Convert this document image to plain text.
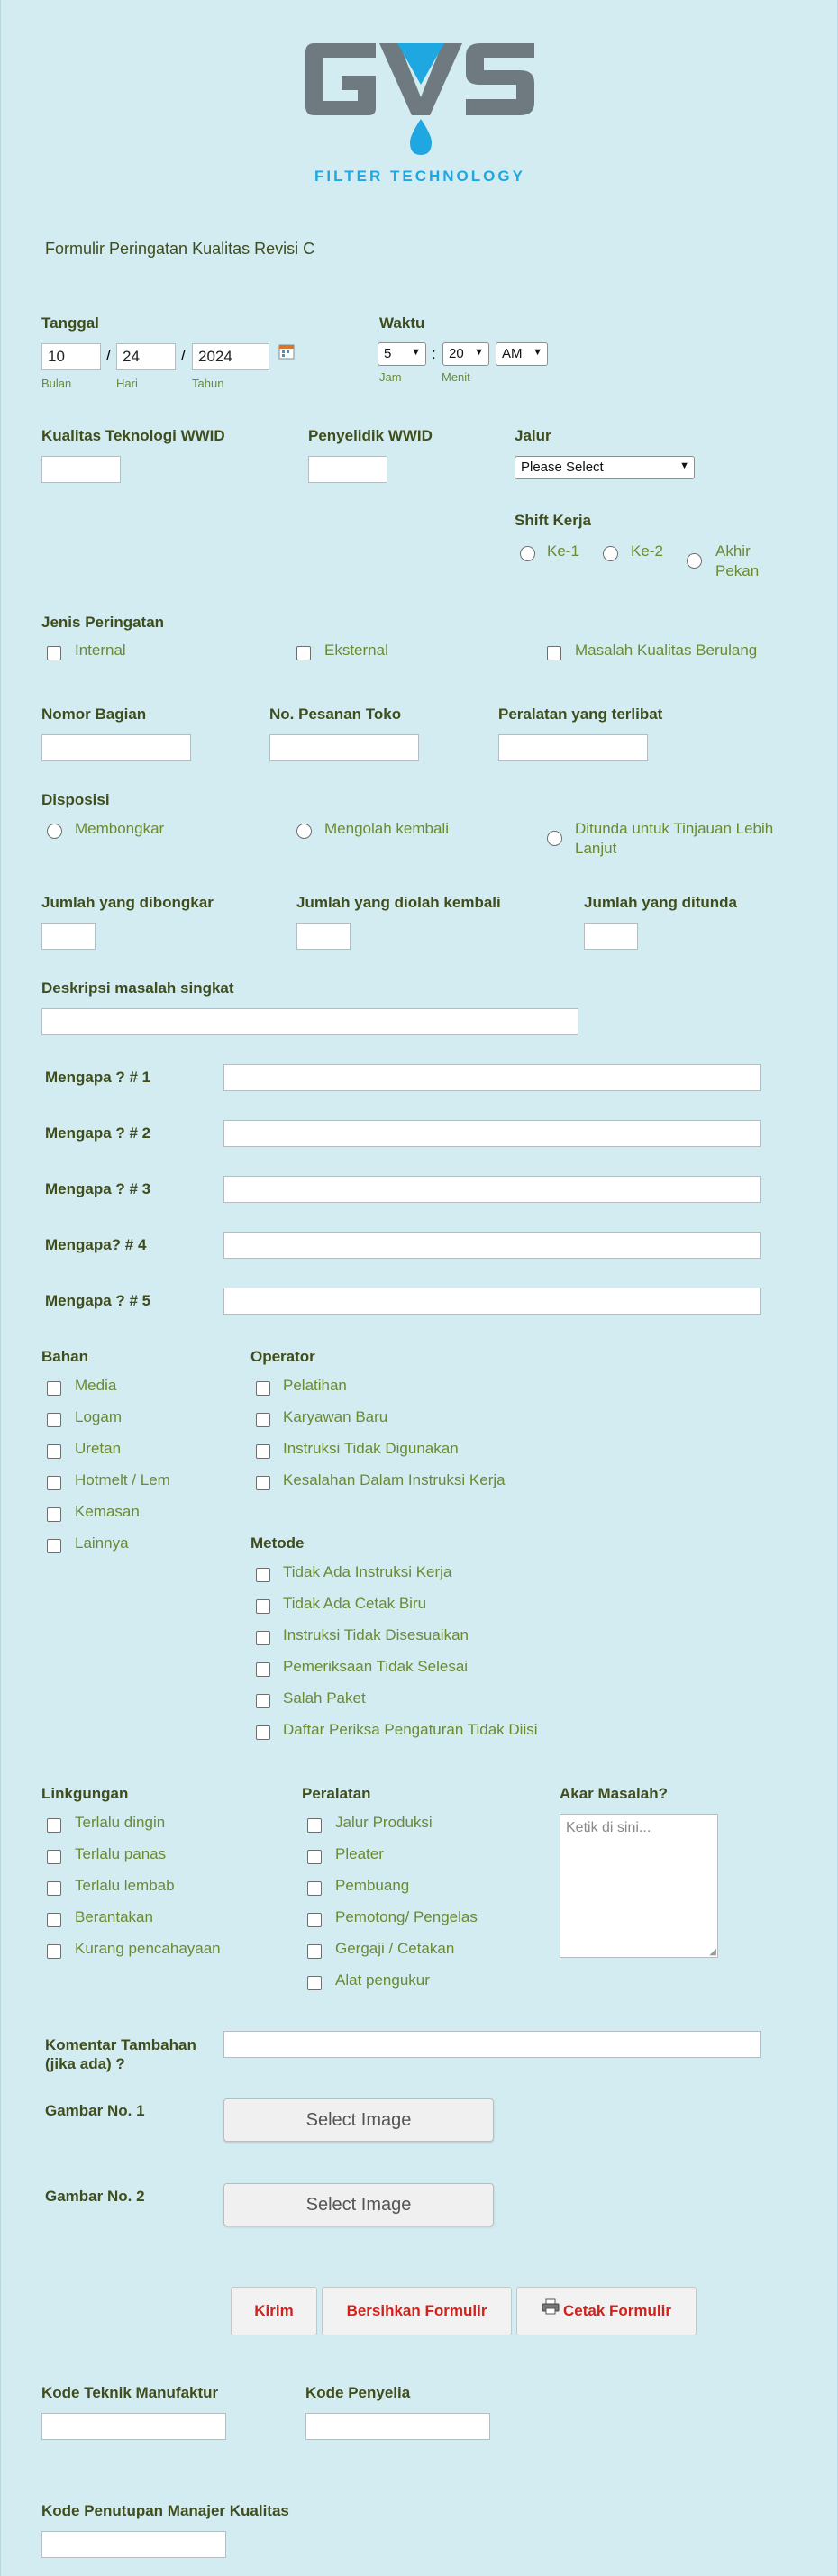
FILTER TECHNOLOGY
Formulir Peringatan Kualitas Revisi C
Tanggal
10	/ 24	/ 2024
Bulan	Hari	Tahun
Waktu
5 ▼ : 20 ▼	AM ▼
Jam	Menit
Kualitas Teknologi WWID	Penyelidik WWID	Jalur
Please Select	▼
Shift Kerja
Ke-1	Ke-2	Akhir Pekan
Jenis Peringatan
Internal	Eksternal	Masalah Kualitas Berulang
Nomor Bagian	No. Pesanan Toko	Peralatan yang terlibat
Disposisi
Membongkar	Mengolah kembali	Ditunda untuk Tinjauan Lebih Lanjut
Jumlah yang dibongkar	Jumlah yang diolah kembali	Jumlah yang ditunda
Deskripsi masalah singkat
Mengapa ? # 1
Mengapa ? # 2
Mengapa ? # 3
Mengapa? # 4
Mengapa ? # 5
Bahan
Media
Logam
Uretan
Hotmelt / Lem
Kemasan
Lainnya
Operator
Pelatihan
Karyawan Baru
Instruksi Tidak Digunakan
Kesalahan Dalam Instruksi Kerja
Metode
Tidak Ada Instruksi Kerja
Tidak Ada Cetak Biru
Instruksi Tidak Disesuaikan
Pemeriksaan Tidak Selesai
Salah Paket
Daftar Periksa Pengaturan Tidak Diisi
Linkgungan
Terlalu dingin
Terlalu panas
Terlalu lembab
Berantakan
Kurang pencahayaan
Peralatan
Jalur Produksi
Pleater
Pembuang
Pemotong/ Pengelas
Gergaji / Cetakan
Alat pengukur
Akar Masalah?
Ketik di sini...
◢
Komentar Tambahan (jika ada) ?
Gambar No. 1	Select Image
Gambar No. 2	Select Image
Kirim	Bersihkan Formulir	Cetak Formulir
Kode Teknik Manufaktur	Kode Penyelia
Kode Penutupan Manajer Kualitas
